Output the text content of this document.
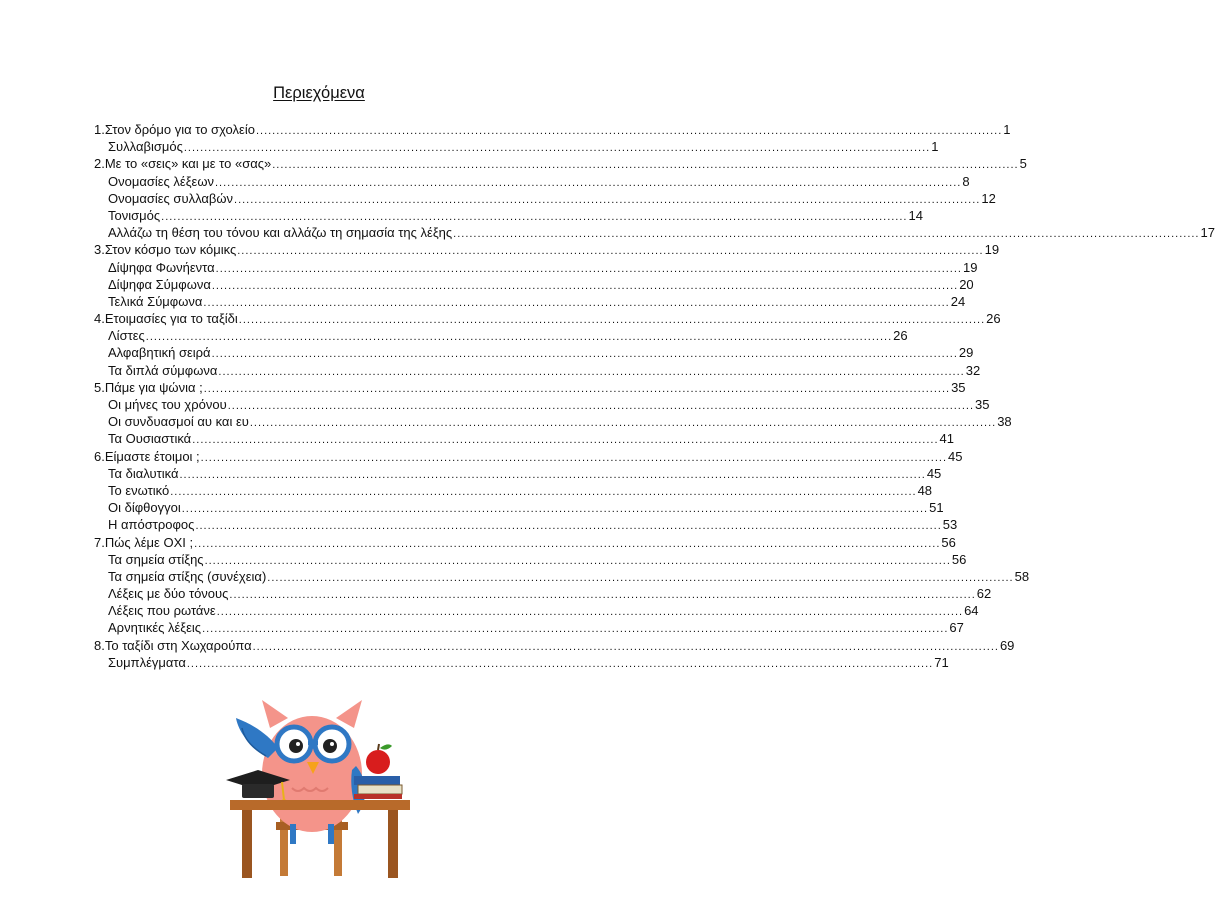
Περιεχόμενα
1. Στον δρόμο για το σχολείο .....	1
Συλλαβισμός .....	1
2. Με το «σεις» και με το «σας» .....	5
Ονομασίες λέξεων .....	8
Ονομασίες συλλαβών .....	12
Τονισμός .....	14
Αλλάζω τη θέση του τόνου και αλλάζω τη σημασία της λέξης .....	17
3. Στον κόσμο των κόμικς .....	19
Δίψηφα Φωνήεντα .....	19
Δίψηφα Σύμφωνα .....	20
Τελικά Σύμφωνα .....	24
4. Ετοιμασίες για το ταξίδι .....	26
Λίστες .....	26
Αλφαβητική σειρά .....	29
Τα διπλά σύμφωνα .....	32
5. Πάμε για ψώνια ; .....	35
Οι μήνες του χρόνου .....	35
Οι συνδυασμοί αυ και ευ .....	38
Τα Ουσιαστικά .....	41
6. Είμαστε έτοιμοι ; .....	45
Τα διαλυτικά .....	45
Το ενωτικό .....	48
Οι δίφθογγοι .....	51
Η απόστροφος .....	53
7. Πώς λέμε ΟΧΙ ; .....	56
Τα σημεία στίξης .....	56
Τα σημεία στίξης (συνέχεια) .....	58
Λέξεις με δύο τόνους .....	62
Λέξεις που ρωτάνε .....	64
Αρνητικές λέξεις .....	67
8. Το ταξίδι στη Χωχαρούπα .....	69
Συμπλέγματα .....	71
